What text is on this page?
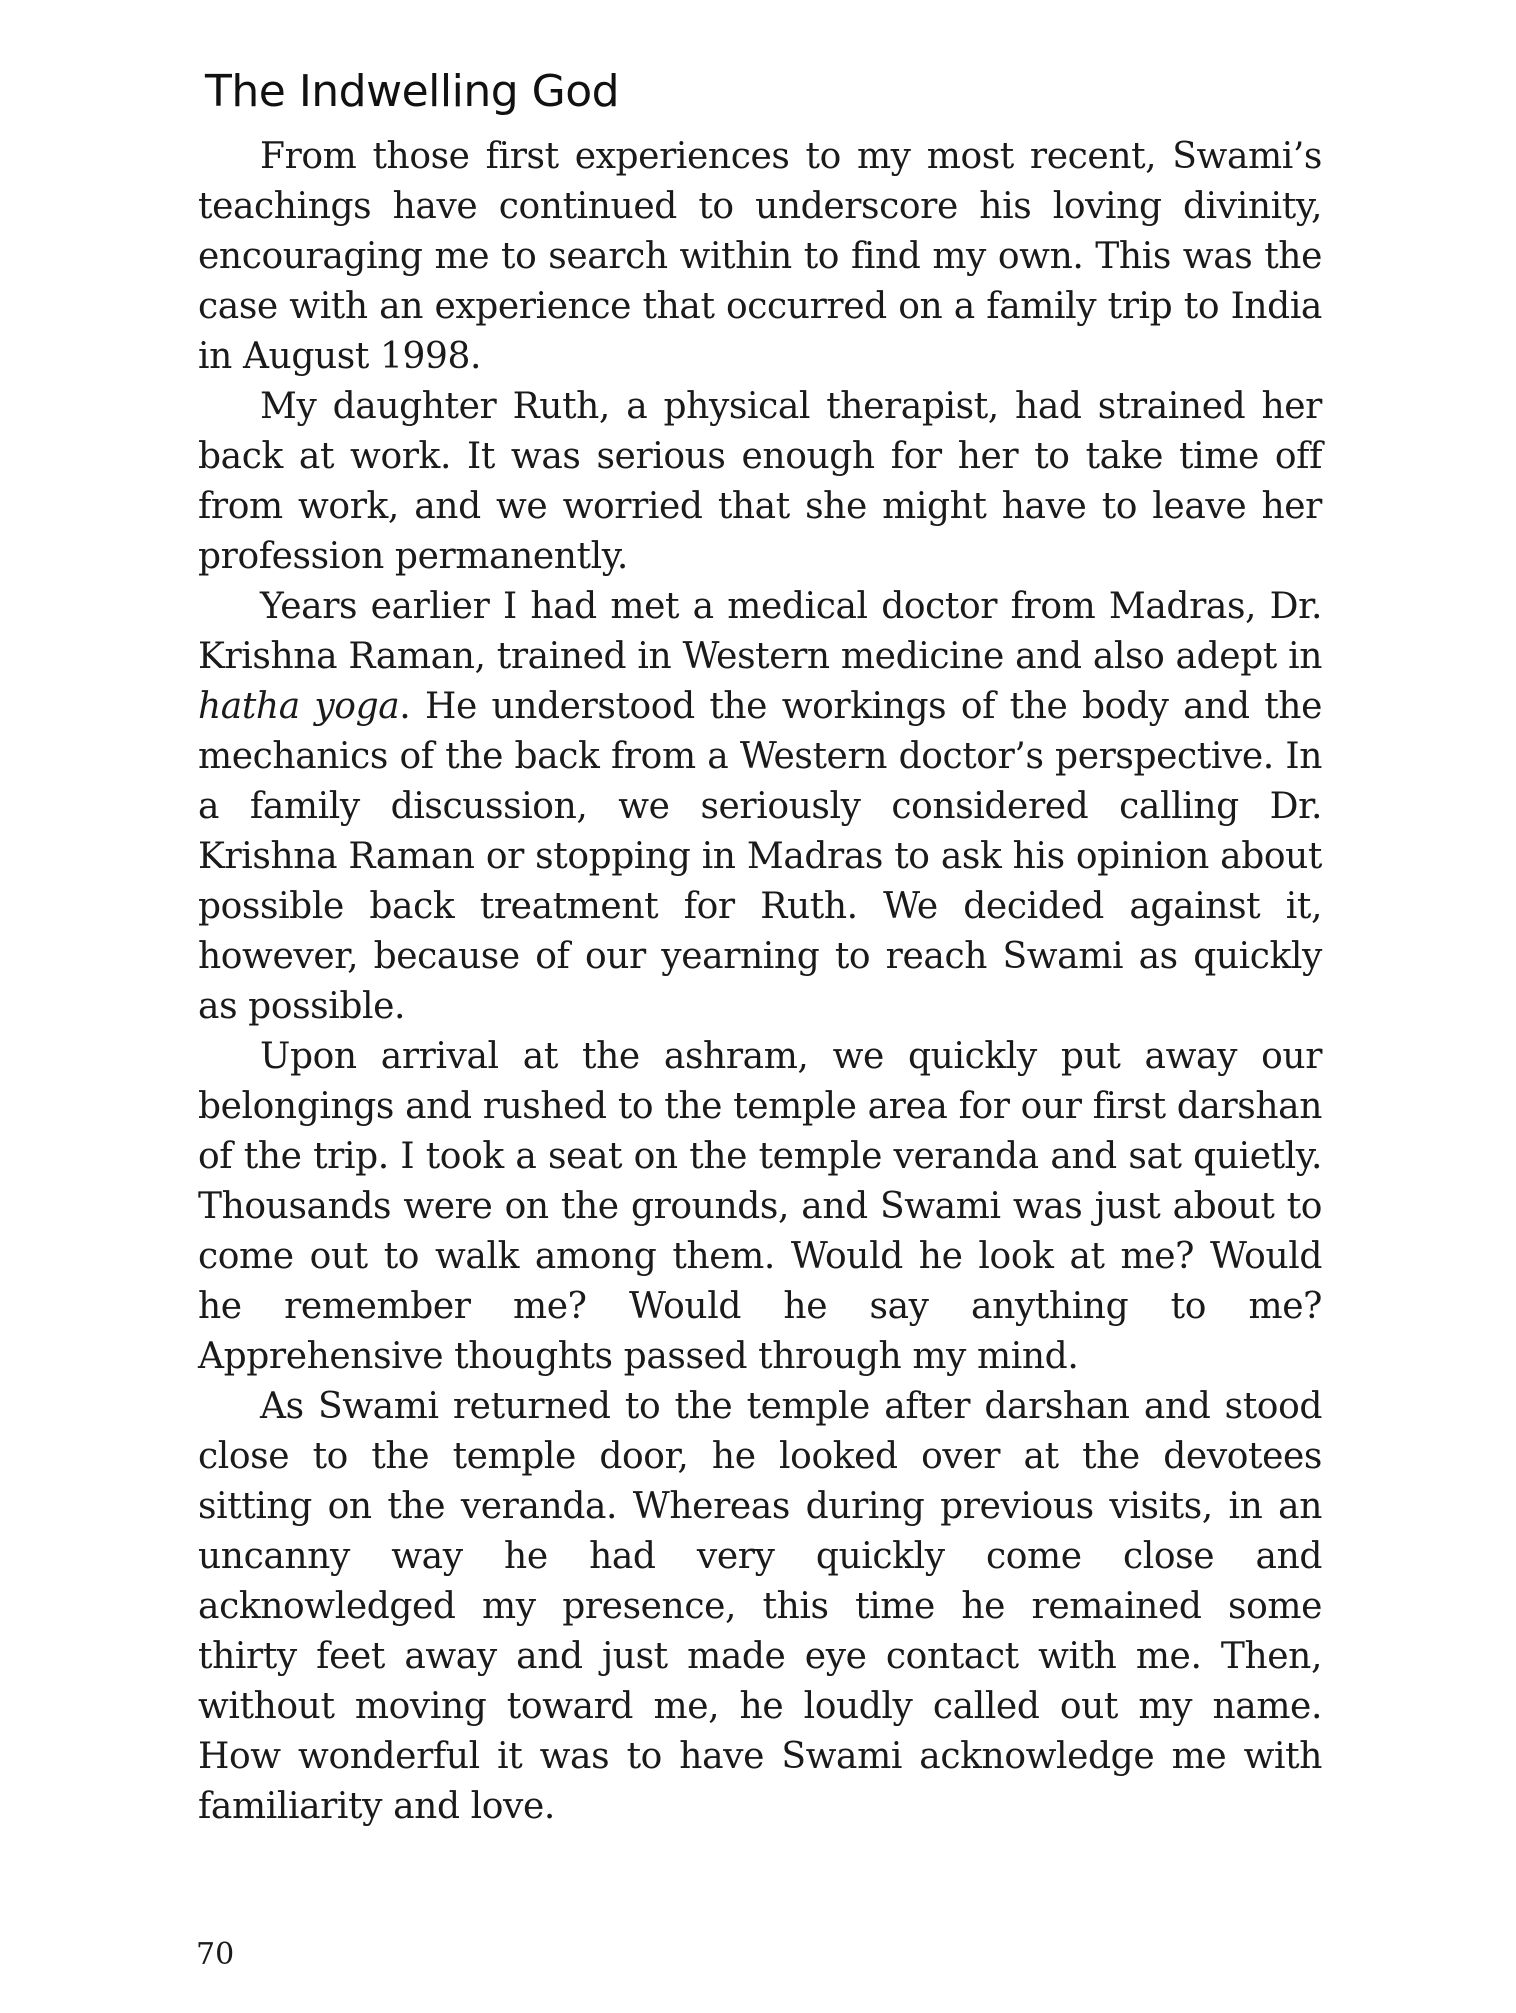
The Indwelling God

From those first experiences to my most recent, Swami’s teachings have continued to underscore his loving divinity, encouraging me to search within to find my own. This was the case with an experience that occurred on a family trip to India in August 1998.

My daughter Ruth, a physical therapist, had strained her back at work. It was serious enough for her to take time off from work, and we worried that she might have to leave her profession permanently.

Years earlier I had met a medical doctor from Madras, Dr. Krishna Raman, trained in Western medicine and also adept in hatha yoga. He understood the workings of the body and the mechanics of the back from a Western doctor’s perspective. In a family discussion, we seriously considered calling Dr. Krishna Raman or stopping in Madras to ask his opinion about possible back treatment for Ruth. We decided against it, however, because of our yearning to reach Swami as quickly as possible.

Upon arrival at the ashram, we quickly put away our belongings and rushed to the temple area for our first darshan of the trip. I took a seat on the temple veranda and sat quietly. Thousands were on the grounds, and Swami was just about to come out to walk among them. Would he look at me? Would he remember me? Would he say anything to me? Apprehensive thoughts passed through my mind.

As Swami returned to the temple after darshan and stood close to the temple door, he looked over at the devotees sitting on the veranda. Whereas during previous visits, in an uncanny way he had very quickly come close and acknowledged my presence, this time he remained some thirty feet away and just made eye contact with me. Then, without moving toward me, he loudly called out my name. How wonderful it was to have Swami acknowledge me with familiarity and love.

70
